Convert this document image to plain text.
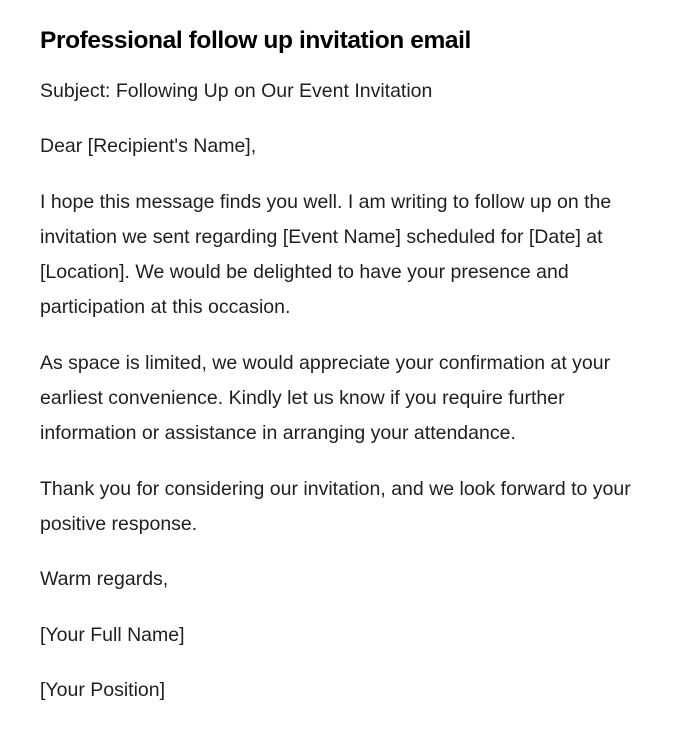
Professional follow up invitation email

Subject: Following Up on Our Event Invitation

Dear [Recipient's Name],

I hope this message finds you well. I am writing to follow up on the invitation we sent regarding [Event Name] scheduled for [Date] at [Location]. We would be delighted to have your presence and participation at this occasion.

As space is limited, we would appreciate your confirmation at your earliest convenience. Kindly let us know if you require further information or assistance in arranging your attendance.

Thank you for considering our invitation, and we look forward to your positive response.

Warm regards,

[Your Full Name]

[Your Position]
